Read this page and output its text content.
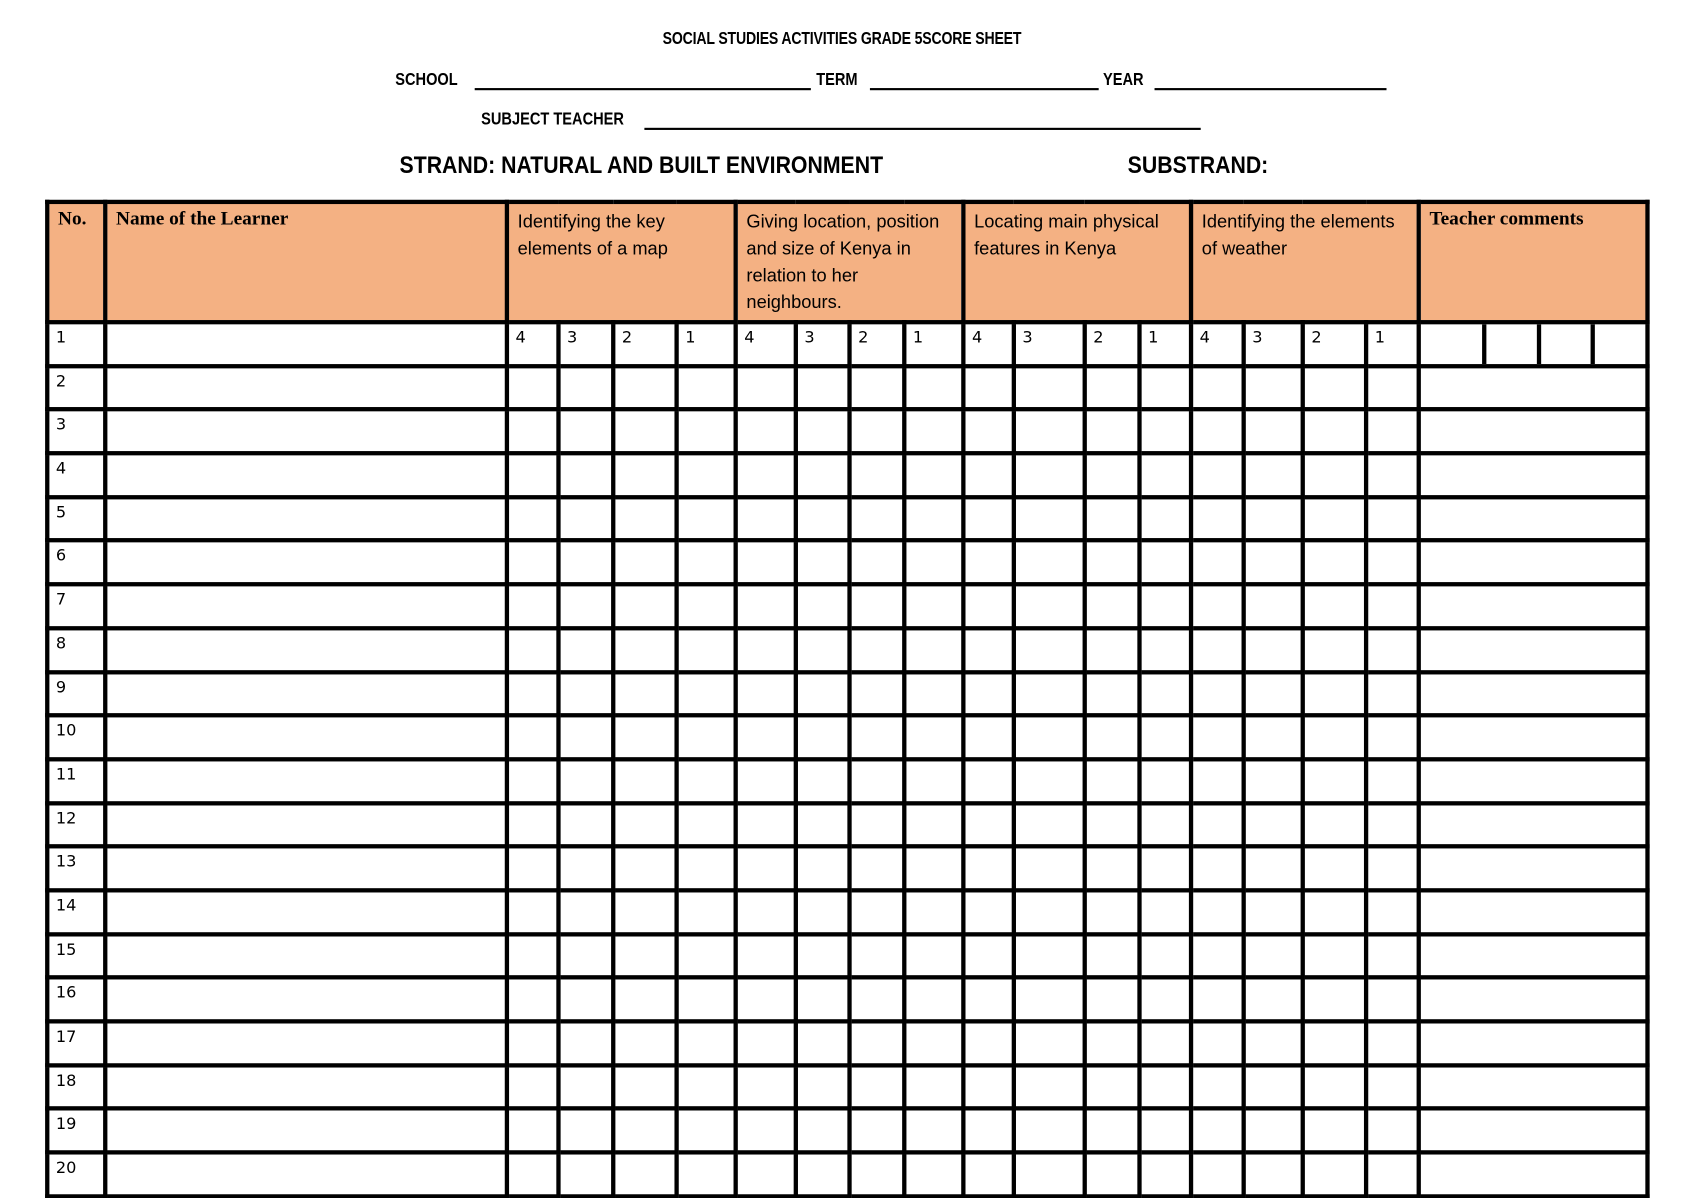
SOCIAL STUDIES ACTIVITIES GRADE 5SCORE SHEET
SCHOOL	TERM	YEAR
SUBJECT TEACHER
STRAND: NATURAL AND BUILT ENVIRONMENT	SUBSTRAND:
No.	Name of the Learner	Identifying the key elements of a map				Giving location, position and size of Kenya in relation to her neighbours.				Locating main physical features in Kenya				Identifying the elements of weather				Teacher comments
1		4	3	2	1	4	3	2	1	4	3	2	1	4	3	2	1	

2																		
3																		
4																		
5																		
6																		
7																		
8																		
9																		
10																		
11																		
12																		
13																		
14																		
15																		
16																		
17																		
18																		
19																		
20																		
